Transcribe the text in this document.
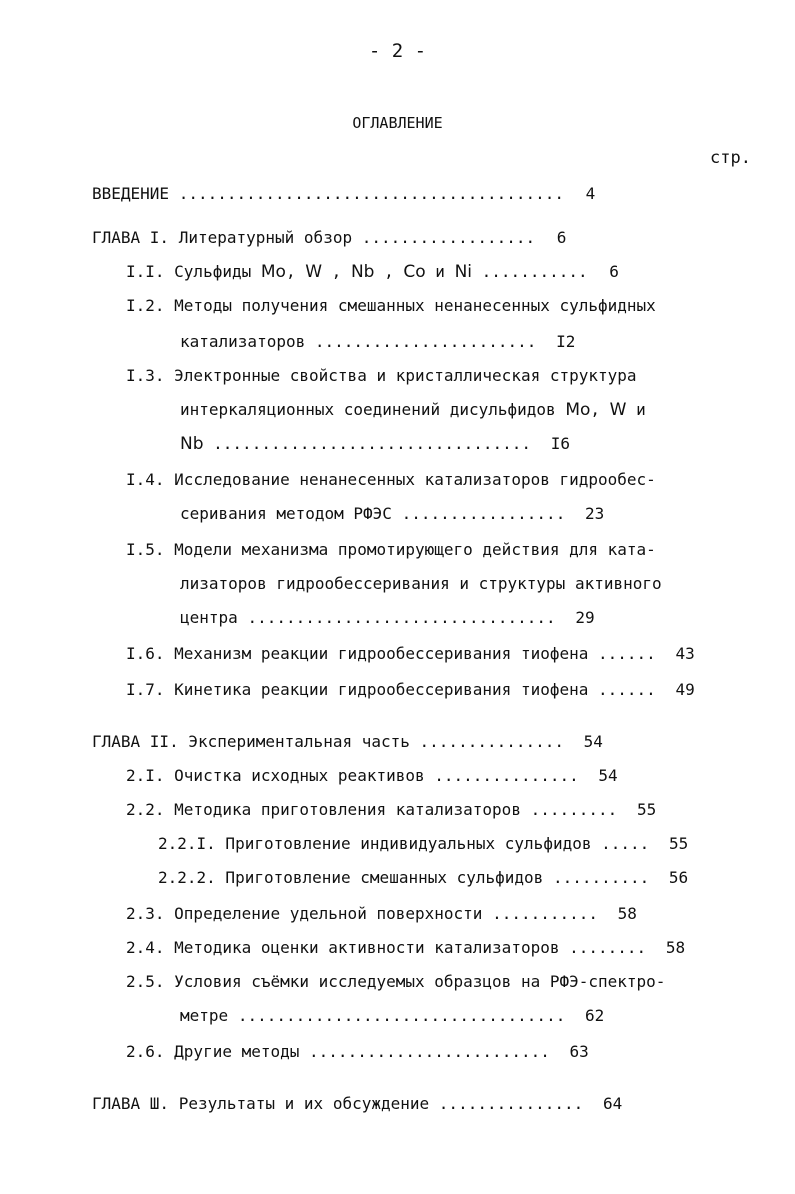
- 2 -
ОГЛАВЛЕНИЕ
стр.
ВВЕДЕНИЕ ........................................ 4
ГЛАВА I. Литературный обзор .................. 6
I.I. Сульфиды Mo, W , Nb , Co и Ni ........... 6
I.2. Методы получения смешанных ненанесенных сульфидных
катализаторов ....................... I2
I.3. Электронные свойства и кристаллическая структура
интеркаляционных соединений дисульфидов Mo, W и
Nb ................................. I6
I.4. Исследование ненанесенных катализаторов гидрообес-
серивания методом РФЭС ................. 23
I.5. Модели механизма промотирующего действия для ката-
лизаторов гидрообессеривания и структуры активного
центра ................................ 29
I.6. Механизм реакции гидрообессеривания тиофена ...... 43
I.7. Кинетика реакции гидрообессеривания тиофена ...... 49
ГЛАВА II. Экспериментальная часть ............... 54
2.I. Очистка исходных реактивов ............... 54
2.2. Методика приготовления катализаторов ......... 55
2.2.I. Приготовление индивидуальных сульфидов ..... 55
2.2.2. Приготовление смешанных сульфидов .......... 56
2.3. Определение удельной поверхности ........... 58
2.4. Методика оценки активности катализаторов ........ 58
2.5. Условия съёмки исследуемых образцов на РФЭ-спектро-
метре .................................. 62
2.6. Другие методы ......................... 63
ГЛАВА Ш. Результаты и их обсуждение ............... 64
